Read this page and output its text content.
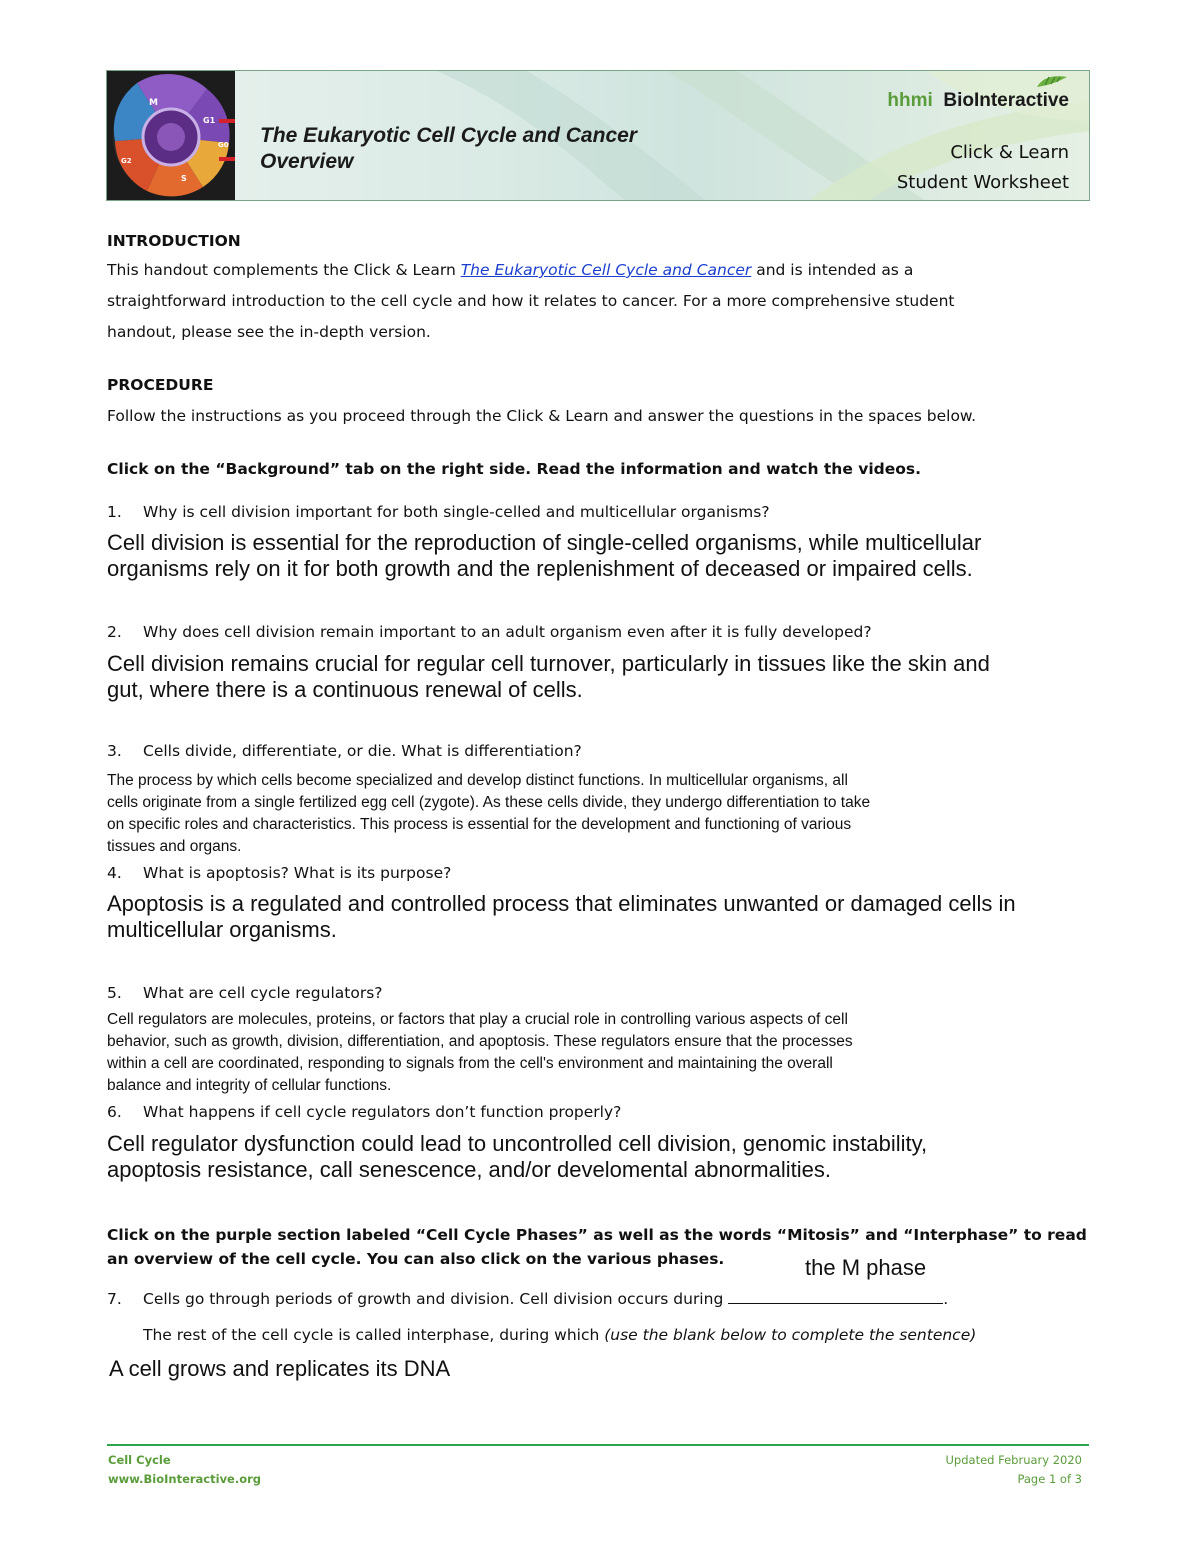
M
G1
G0
S
G2
The Eukaryotic Cell Cycle and Cancer
Overview
hhmi BioInteractive
Click & Learn
Student Worksheet
INTRODUCTION
This handout complements the Click & Learn The Eukaryotic Cell Cycle and Cancer and is intended as a
straightforward introduction to the cell cycle and how it relates to cancer. For a more comprehensive student
handout, please see the in-depth version.
PROCEDURE
Follow the instructions as you proceed through the Click & Learn and answer the questions in the spaces below.
Click on the “Background” tab on the right side. Read the information and watch the videos.
1. Why is cell division important for both single-celled and multicellular organisms?
Cell division is essential for the reproduction of single-celled organisms, while multicellular
organisms rely on it for both growth and the replenishment of deceased or impaired cells.
2. Why does cell division remain important to an adult organism even after it is fully developed?
Cell division remains crucial for regular cell turnover, particularly in tissues like the skin and
gut, where there is a continuous renewal of cells.
3. Cells divide, differentiate, or die. What is differentiation?
The process by which cells become specialized and develop distinct functions. In multicellular organisms, all
cells originate from a single fertilized egg cell (zygote). As these cells divide, they undergo differentiation to take
on specific roles and characteristics. This process is essential for the development and functioning of various
tissues and organs.
4. What is apoptosis? What is its purpose?
Apoptosis is a regulated and controlled process that eliminates unwanted or damaged cells in
multicellular organisms.
5. What are cell cycle regulators?
Cell regulators are molecules, proteins, or factors that play a crucial role in controlling various aspects of cell
behavior, such as growth, division, differentiation, and apoptosis. These regulators ensure that the processes
within a cell are coordinated, responding to signals from the cell's environment and maintaining the overall
balance and integrity of cellular functions.
6. What happens if cell cycle regulators don’t function properly?
Cell regulator dysfunction could lead to uncontrolled cell division, genomic instability,
apoptosis resistance, call senescence, and/or develomental abnormalities.
Click on the purple section labeled “Cell Cycle Phases” as well as the words “Mitosis” and “Interphase” to read
an overview of the cell cycle. You can also click on the various phases.	the M phase
7. Cells go through periods of growth and division. Cell division occurs during	.
The rest of the cell cycle is called interphase, during which (use the blank below to complete the sentence)
A cell grows and replicates its DNA
Cell Cycle
www.BioInteractive.org
Updated February 2020
Page 1 of 3
